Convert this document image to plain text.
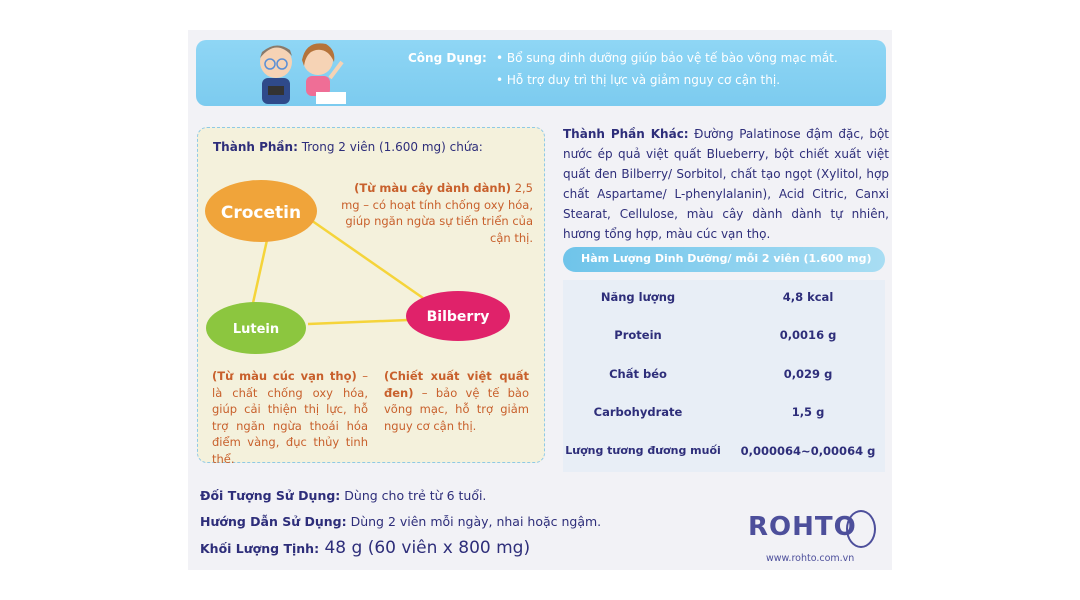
Công Dụng: • Bổ sung dinh dưỡng giúp bảo vệ tế bào võng mạc mắt.
• Hỗ trợ duy trì thị lực và giảm nguy cơ cận thị.
Thành Phần: Trong 2 viên (1.600 mg) chứa:
Crocetin
Lutein
Bilberry
(Từ màu cây dành dành) 2,5 mg – có hoạt tính chống oxy hóa, giúp ngăn ngừa sự tiến triển của cận thị.
(Từ màu cúc vạn thọ) – là chất chống oxy hóa, giúp cải thiện thị lực, hỗ trợ ngăn ngừa thoái hóa điểm vàng, đục thủy tinh thể.
(Chiết xuất việt quất đen) – bảo vệ tế bào võng mạc, hỗ trợ giảm nguy cơ cận thị.
Thành Phần Khác: Đường Palatinose đậm đặc, bột nước ép quả việt quất Blueberry, bột chiết xuất việt quất đen Bilberry/ Sorbitol, chất tạo ngọt (Xylitol, hợp chất Aspartame/ L-phenylalanin), Acid Citric, Canxi Stearat, Cellulose, màu cây dành dành tự nhiên, hương tổng hợp, màu cúc vạn thọ.
Hàm Lượng Dinh Dưỡng/ mỗi 2 viên (1.600 mg)
Năng lượng	4,8 kcal
Protein	0,0016 g
Chất béo	0,029 g
Carbohydrate	1,5 g
Lượng tương đương muối	0,000064~0,00064 g
Đối Tượng Sử Dụng: Dùng cho trẻ từ 6 tuổi.
Hướng Dẫn Sử Dụng: Dùng 2 viên mỗi ngày, nhai hoặc ngậm.
Khối Lượng Tịnh: 48 g (60 viên x 800 mg)
ROHTO
www.rohto.com.vn
